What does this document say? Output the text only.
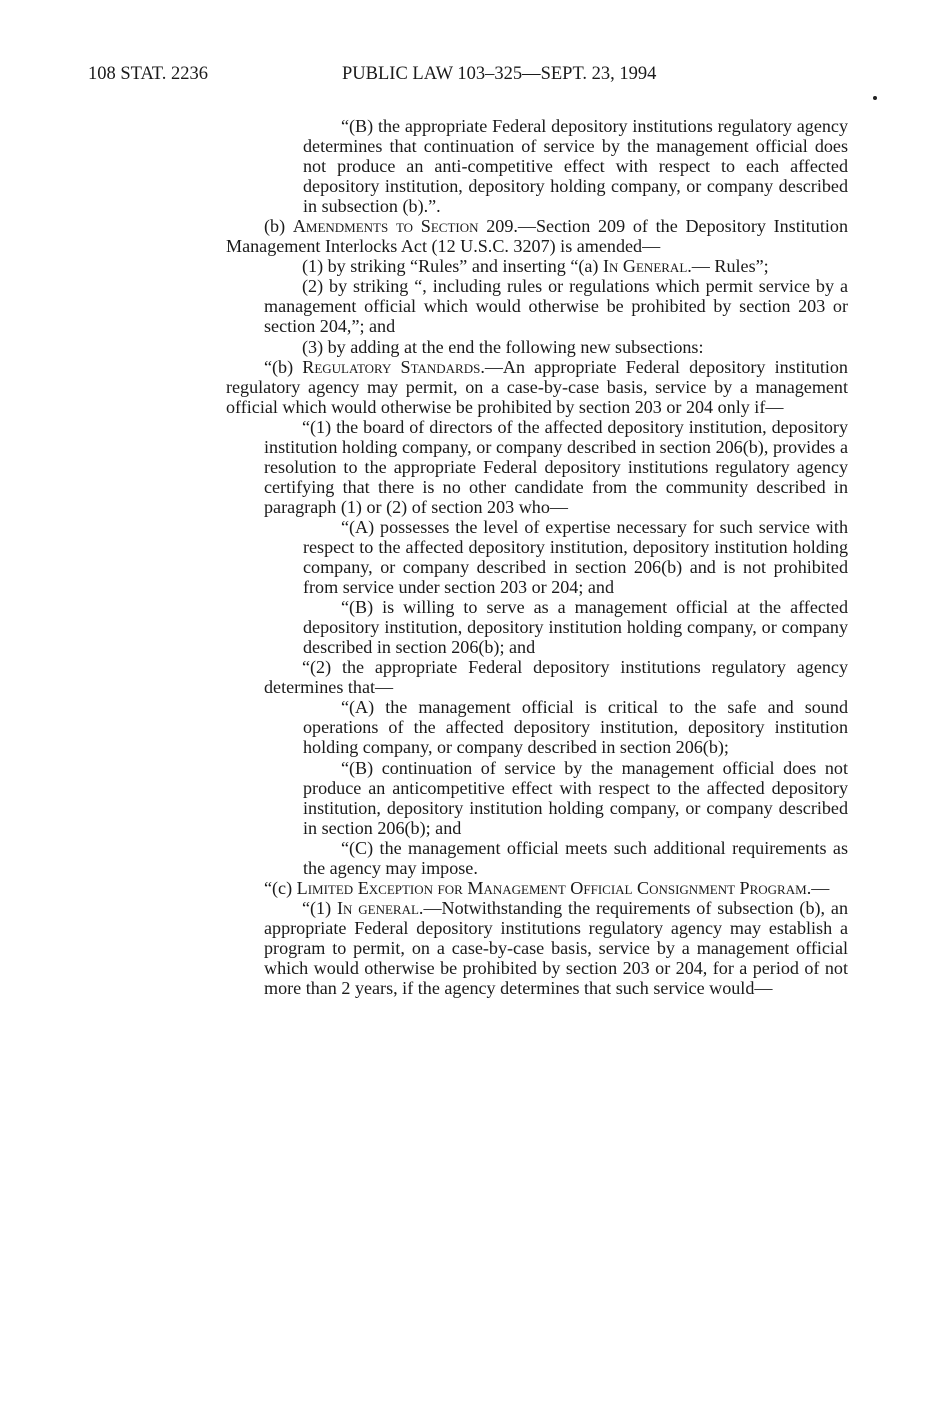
108 STAT. 2236	PUBLIC LAW 103–325—SEPT. 23, 1994

“(B) the appropriate Federal depository institutions regulatory agency determines that continuation of service by the management official does not produce an anti-competitive effect with respect to each affected depository institution, depository holding company, or company described in subsection (b).”.

(b) Amendments to Section 209.—Section 209 of the Depository Institution Management Interlocks Act (12 U.S.C. 3207) is amended—

(1) by striking “Rules” and inserting “(a) In General.— Rules”;

(2) by striking “, including rules or regulations which permit service by a management official which would otherwise be prohibited by section 203 or section 204,”; and

(3) by adding at the end the following new subsections:

“(b) Regulatory Standards.—An appropriate Federal depository institution regulatory agency may permit, on a case-by-case basis, service by a management official which would otherwise be prohibited by section 203 or 204 only if—

“(1) the board of directors of the affected depository institution, depository institution holding company, or company described in section 206(b), provides a resolution to the appropriate Federal depository institutions regulatory agency certifying that there is no other candidate from the community described in paragraph (1) or (2) of section 203 who—

“(A) possesses the level of expertise necessary for such service with respect to the affected depository institution, depository institution holding company, or company described in section 206(b) and is not prohibited from service under section 203 or 204; and

“(B) is willing to serve as a management official at the affected depository institution, depository institution holding company, or company described in section 206(b); and

“(2) the appropriate Federal depository institutions regulatory agency determines that—

“(A) the management official is critical to the safe and sound operations of the affected depository institution, depository institution holding company, or company described in section 206(b);

“(B) continuation of service by the management official does not produce an anticompetitive effect with respect to the affected depository institution, depository institution holding company, or company described in section 206(b); and

“(C) the management official meets such additional requirements as the agency may impose.

“(c) Limited Exception for Management Official Consignment Program.—

“(1) In general.—Notwithstanding the requirements of subsection (b), an appropriate Federal depository institutions regulatory agency may establish a program to permit, on a case-by-case basis, service by a management official which would otherwise be prohibited by section 203 or 204, for a period of not more than 2 years, if the agency determines that such service would—
